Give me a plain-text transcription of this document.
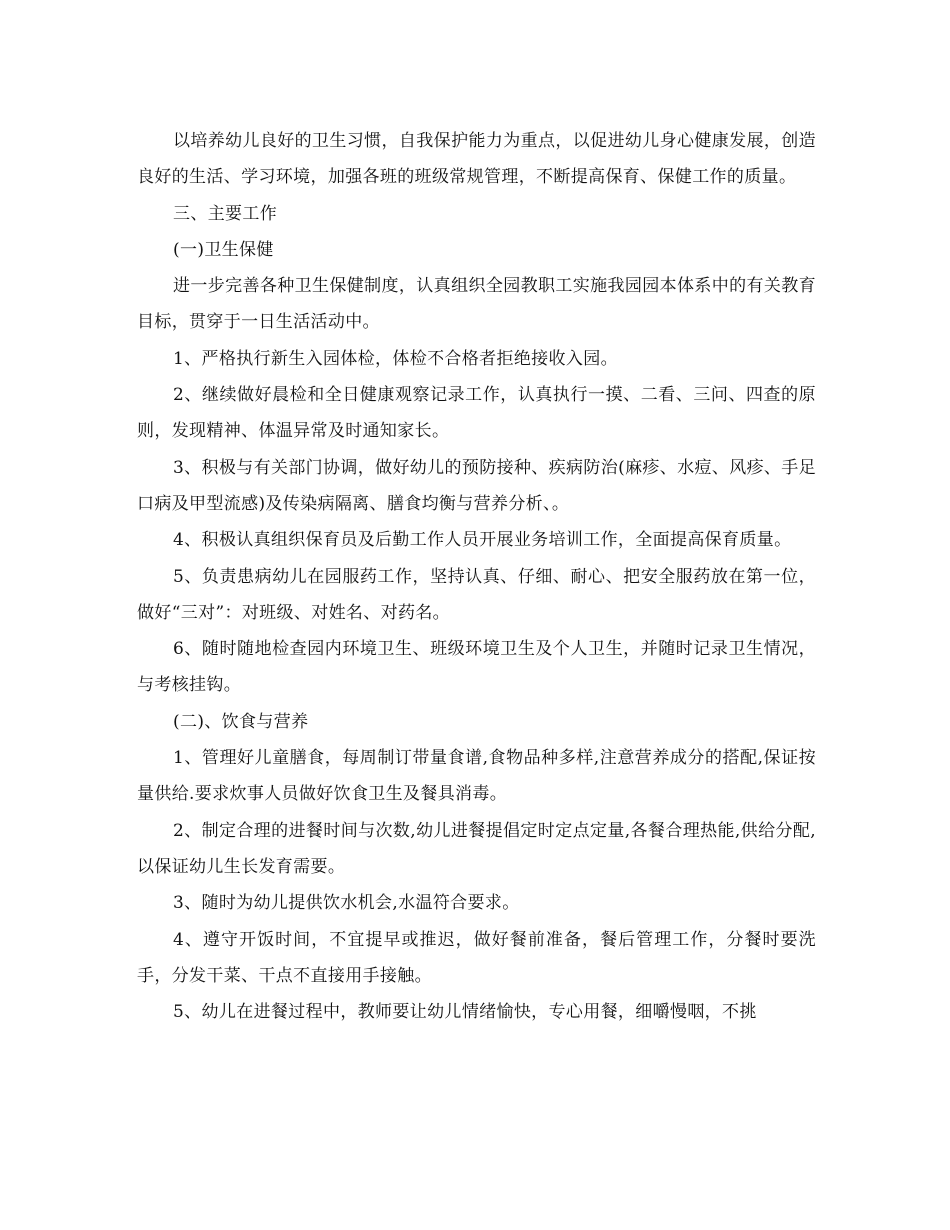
以培养幼儿良好的卫生习惯，自我保护能力为重点，以促进幼儿身心健康发展，创造良好的生活、学习环境，加强各班的班级常规管理，不断提高保育、保健工作的质量。

三、主要工作

(一)卫生保健

进一步完善各种卫生保健制度，认真组织全园教职工实施我园园本体系中的有关教育目标，贯穿于一日生活活动中。

1、严格执行新生入园体检，体检不合格者拒绝接收入园。

2、继续做好晨检和全日健康观察记录工作，认真执行一摸、二看、三问、四查的原则，发现精神、体温异常及时通知家长。

3、积极与有关部门协调，做好幼儿的预防接种、疾病防治(麻疹、水痘、风疹、手足口病及甲型流感)及传染病隔离、膳食均衡与营养分析、。

4、积极认真组织保育员及后勤工作人员开展业务培训工作，全面提高保育质量。

5、负责患病幼儿在园服药工作，坚持认真、仔细、耐心、把安全服药放在第一位，做好“三对”：对班级、对姓名、对药名。

6、随时随地检查园内环境卫生、班级环境卫生及个人卫生，并随时记录卫生情况，与考核挂钩。

(二)、饮食与营养

1、管理好儿童膳食，每周制订带量食谱,食物品种多样,注意营养成分的搭配,保证按量供给.要求炊事人员做好饮食卫生及餐具消毒。

2、制定合理的进餐时间与次数,幼儿进餐提倡定时定点定量,各餐合理热能,供给分配,以保证幼儿生长发育需要。

3、随时为幼儿提供饮水机会,水温符合要求。

4、遵守开饭时间，不宜提早或推迟，做好餐前准备，餐后管理工作，分餐时要洗手，分发干菜、干点不直接用手接触。

5、幼儿在进餐过程中，教师要让幼儿情绪愉快，专心用餐，细嚼慢咽，不挑
